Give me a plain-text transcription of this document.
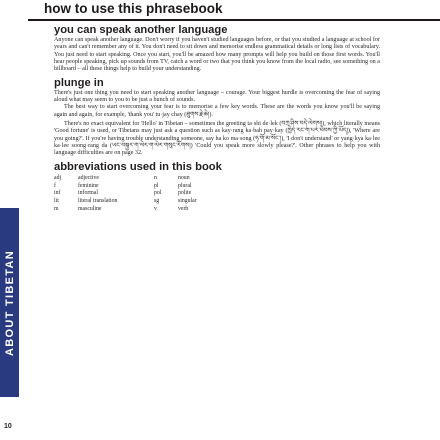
how to use this phrasebook
ABOUT TIBETAN
10
you can speak another language

Anyone can speak another language. Don't worry if you haven't studied languages before, or that you studied a language at school for years and can't remember any of it. You don't need to sit down and memorise endless grammatical details or long lists of vocabulary. You just need to start speaking. Once you start, you'll be amazed how many prompts will help you build on those first words. You'll hear people speaking, pick up sounds from TV, catch a word or two that you think you know from the local radio, see something on a billboard – all these things help to build your understanding.

plunge in

There's just one thing you need to start speaking another language – courage. Your biggest hurdle is overcoming the fear of saying aloud what may seem to you to be just a bunch of sounds.

The best way to start overcoming your fear is to memorise a few key words. These are the words you know you'll be saying again and again, for example, 'thank you' tu·jay chay (ཐུགས་རྗེ་ཆེ།).

There's no exact equivalent for 'Hello' in Tibetan – sometimes the greeting ta·shi de·lek (བཀྲ་ཤིས་བདེ་ལེགས།), which literally means 'Good fortune' is used, or Tibetans may just ask a question such as kay·rang ka·bah pay·kay (ཁྱེད་རང་ག་པར་ཕེབས་ཀྱི་ཡོད།), 'Where are you going?'. If you're having trouble understanding someone, say ha ko ma·song (ཧ་གོ་མ་སོང་།), 'I don't understand' or yang·kya ka·lee ka·lee soong·rang da (ཡང་བསྐྱར་ག་ལེར་ག་ལེར་གསུང་རོགས།) 'Could you speak more slowly please?'. Other phrases to help you with language difficulties are on page 32.

abbreviations used in this book
adj	adjective	n	noun
f	feminine	pl	plural
inf	informal	pol	polite
lit	literal translation	sg	singular
m	masculine	v	verb
